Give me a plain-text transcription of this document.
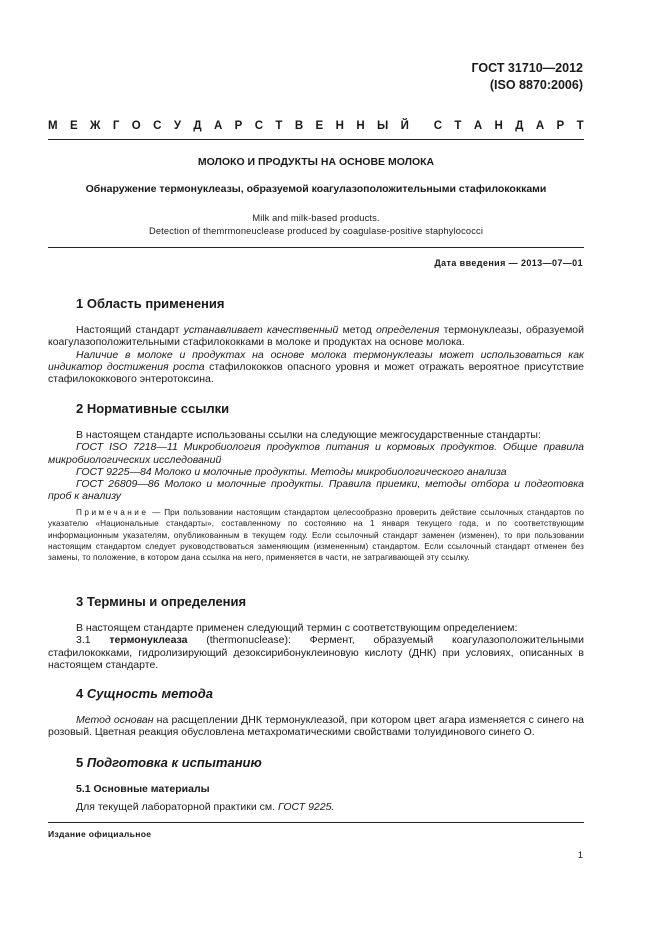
ГОСТ 31710—2012
(ISO 8870:2006)
М Е Ж Г О С У Д А Р С Т В Е Н Н Ы Й С Т А Н Д А Р Т
МОЛОКО И ПРОДУКТЫ НА ОСНОВЕ МОЛОКА
Обнаружение термонуклеазы, образуемой коагулазоположительными стафилококками
Milk and milk-based products.
Detection of themrmoneuclease produced by coagulase-positive staphylococci
Дата введения — 2013—07—01
1 Область применения

Настоящий стандарт устанавливает качественный метод определения термонуклеазы, образуемой коагулазоположительными стафилококками в молоке и продуктах на основе молока.

Наличие в молоке и продуктах на основе молока термонуклеазы может использоваться как индикатор достижения роста стафилококков опасного уровня и может отражать вероятное присутствие стафилококкового энтеротоксина.

2 Нормативные ссылки

В настоящем стандарте использованы ссылки на следующие межгосударственные стандарты:

ГОСТ ISO 7218—11 Микробиология продуктов питания и кормовых продуктов. Общие правила микробиологических исследований

ГОСТ 9225—84 Молоко и молочные продукты. Методы микробиологического анализа

ГОСТ 26809—86 Молоко и молочные продукты. Правила приемки, методы отбора и подготовка проб к анализу

Примечание — При пользовании настоящим стандартом целесообразно проверить действие ссылочных стандартов по указателю «Национальные стандарты», составленному по состоянию на 1 января текущего года, и по соответствующим информационным указателям, опубликованным в текущем году. Если ссылочный стандарт заменен (изменен), то при пользовании настоящим стандартом следует руководствоваться заменяющим (измененным) стандартом. Если ссылочный стандарт отменен без замены, то положение, в котором дана ссылка на него, применяется в части, не затрагивающей эту ссылку.

3 Термины и определения

В настоящем стандарте применен следующий термин с соответствующим определением:

3.1 термонуклеаза (thermonuclease): Фермент, образуемый коагулазоположительными стафилококками, гидролизирующий дезоксирибонуклеиновую кислоту (ДНК) при условиях, описанных в настоящем стандарте.

4 Сущность метода

Метод основан на расщеплении ДНК термонуклеазой, при котором цвет агара изменяется с синего на розовый. Цветная реакция обусловлена метахроматическими свойствами толуидинового синего О.

5 Подготовка к испытанию
5.1 Основные материалы

Для текущей лабораторной практики см. ГОСТ 9225.

Издание официальное
1
